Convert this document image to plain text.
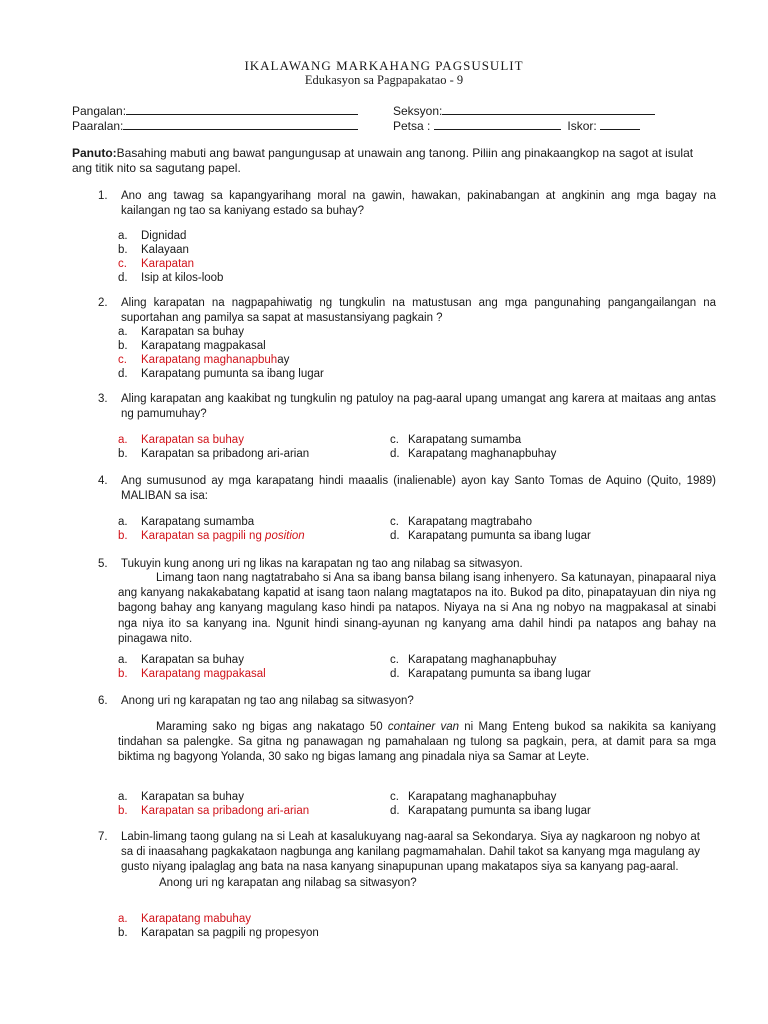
IKALAWANG MARKAHANG PAGSUSULIT
Edukasyon sa Pagpapakatao - 9
Pangalan:
Paaralan:
Seksyon:
Petsa :	Iskor:
Panuto:Basahing mabuti ang bawat pangungusap at unawain ang tanong. Piliin ang pinakaangkop na sagot at isulat ang titik nito sa sagutang papel.
1. Ano ang tawag sa kapangyarihang moral na gawin, hawakan, pakinabangan at angkinin ang mga bagay na kailangan ng tao sa kaniyang estado sa buhay?
a. Dignidad
b. Kalayaan
c. Karapatan
d. Isip at kilos-loob
2. Aling karapatan na nagpapahiwatig ng tungkulin na matustusan ang mga pangunahing pangangailangan na suportahan ang pamilya sa sapat at masustansiyang pagkain ?
a. Karapatan sa buhay
b. Karapatang magpakasal
c. Karapatang maghanapbuhay
d. Karapatang pumunta sa ibang lugar
3. Aling karapatan ang kaakibat ng tungkulin ng patuloy na pag-aaral upang umangat ang karera at maitaas ang antas ng pamumuhay?
a. Karapatan sa buhay
b. Karapatan sa pribadong ari-arian
c. Karapatang sumamba
d. Karapatang maghanapbuhay
4. Ang sumusunod ay mga karapatang hindi maaalis (inalienable) ayon kay Santo Tomas de Aquino (Quito, 1989) MALIBAN sa isa:
a. Karapatang sumamba
b. Karapatan sa pagpili ng position
c. Karapatang magtrabaho
d. Karapatang pumunta sa ibang lugar
5. Tukuyin kung anong uri ng likas na karapatan ng tao ang nilabag sa sitwasyon.
Limang taon nang nagtatrabaho si Ana sa ibang bansa bilang isang inhenyero. Sa katunayan, pinapaaral niya ang kanyang nakakabatang kapatid at isang taon nalang magtatapos na ito. Bukod pa dito, pinapatayuan din niya ng bagong bahay ang kanyang magulang kaso hindi pa natapos. Niyaya na si Ana ng nobyo na magpakasal at sinabi nga niya ito sa kanyang ina. Ngunit hindi sinang-ayunan ng kanyang ama dahil hindi pa natapos ang bahay na pinagawa nito.
a. Karapatan sa buhay
b. Karapatang magpakasal
c. Karapatang maghanapbuhay
d. Karapatang pumunta sa ibang lugar
6. Anong uri ng karapatan ng tao ang nilabag sa sitwasyon?
Maraming sako ng bigas ang nakatago 50 container van ni Mang Enteng bukod sa nakikita sa kaniyang tindahan sa palengke. Sa gitna ng panawagan ng pamahalaan ng tulong sa pagkain, pera, at damit para sa mga biktima ng bagyong Yolanda, 30 sako ng bigas lamang ang pinadala niya sa Samar at Leyte.
a. Karapatan sa buhay
b. Karapatan sa pribadong ari-arian
c. Karapatang maghanapbuhay
d. Karapatang pumunta sa ibang lugar
7. Labin-limang taong gulang na si Leah at kasalukuyang nag-aaral sa Sekondarya. Siya ay nagkaroon ng nobyo at sa di inaasahang pagkakataon nagbunga ang kanilang pagmamahalan. Dahil takot sa kanyang mga magulang ay gusto niyang ipalaglag ang bata na nasa kanyang sinapupunan upang makatapos siya sa kanyang pag-aaral.
Anong uri ng karapatan ang nilabag sa sitwasyon?
a. Karapatang mabuhay
b. Karapatan sa pagpili ng propesyon
